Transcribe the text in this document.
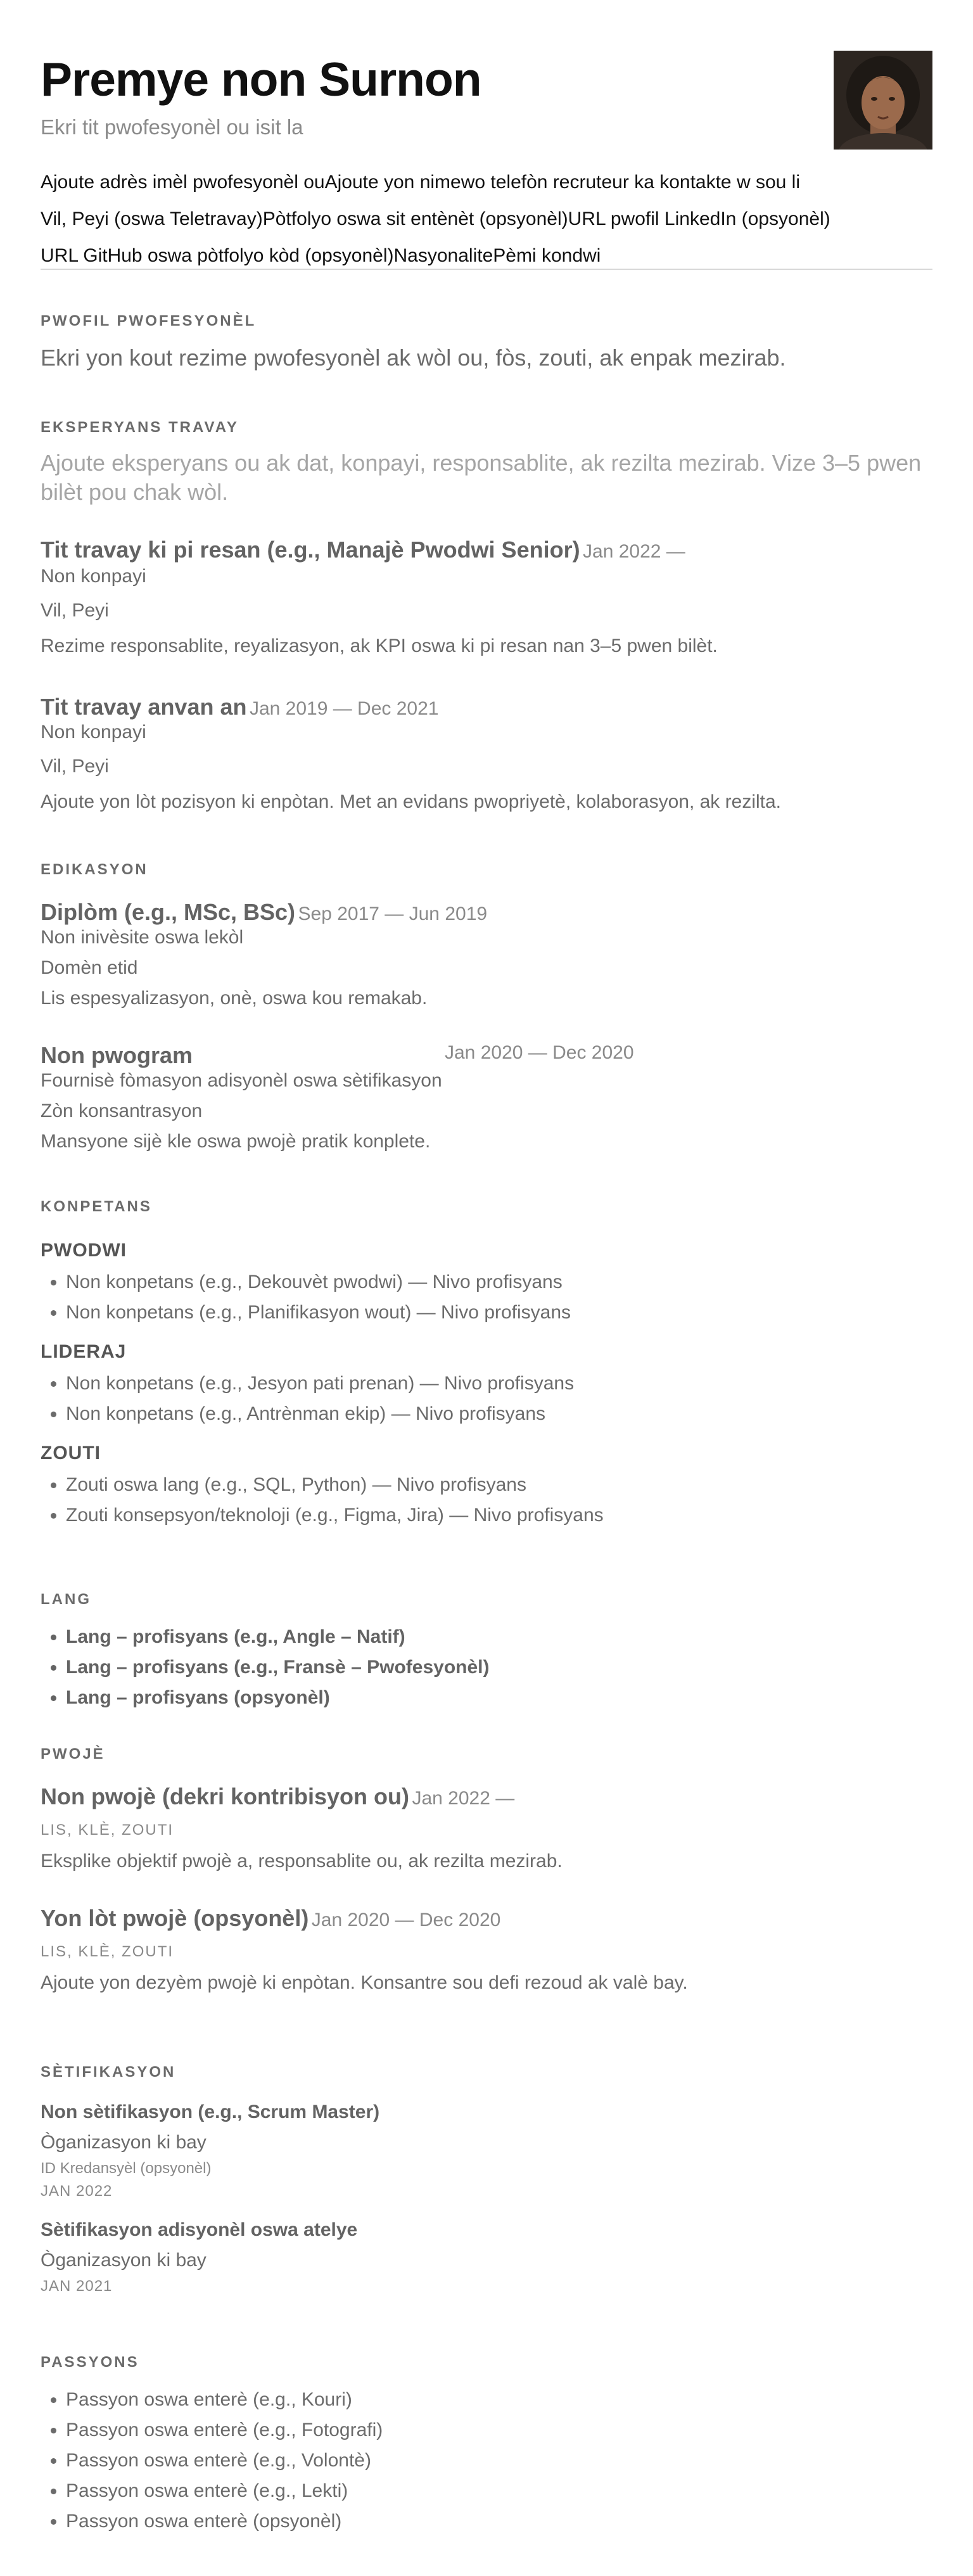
Premye non Surnon

Ekri tit pwofesyonèl ou isit la

Ajoute adrès imèl pwofesyonèl ouAjoute yon nimewo telefòn recruteur ka kontakte w sou li
Vil, Peyi (oswa Teletravay)Pòtfolyo oswa sit entènèt (opsyonèl)URL pwofil LinkedIn (opsyonèl)
URL GitHub oswa pòtfolyo kòd (opsyonèl)NasyonalitePèmi kondwi

PWOFIL PWOFESYONÈL

Ekri yon kout rezime pwofesyonèl ak wòl ou, fòs, zouti, ak enpak mezirab.

EKSPERYANS TRAVAY

Ajoute eksperyans ou ak dat, konpayi, responsablite, ak rezilta mezirab. Vize 3–5 pwen bilèt pou chak wòl.

Tit travay ki pi resan (e.g., Manajè Pwodwi Senior) Jan 2022 —

Non konpayi

Vil, Peyi

Rezime responsablite, reyalizasyon, ak KPI oswa ki pi resan nan 3–5 pwen bilèt.

Tit travay anvan an Jan 2019 — Dec 2021

Non konpayi

Vil, Peyi

Ajoute yon lòt pozisyon ki enpòtan. Met an evidans pwopriyetè, kolaborasyon, ak rezilta.

EDIKASYON

Diplòm (e.g., MSc, BSc) Sep 2017 — Jun 2019

Non inivèsite oswa lekòl

Domèn etid

Lis espesyalizasyon, onè, oswa kou remakab.

Non pwogram	Jan 2020 — Dec 2020

Fournisè fòmasyon adisyonèl oswa sètifikasyon

Zòn konsantrasyon

Mansyone sijè kle oswa pwojè pratik konplete.

KONPETANS

PWODWI

• Non konpetans (e.g., Dekouvèt pwodwi) — Nivo profisyans
• Non konpetans (e.g., Planifikasyon wout) — Nivo profisyans

LIDERAJ

• Non konpetans (e.g., Jesyon pati prenan) — Nivo profisyans
• Non konpetans (e.g., Antrènman ekip) — Nivo profisyans

ZOUTI

• Zouti oswa lang (e.g., SQL, Python) — Nivo profisyans
• Zouti konsepsyon/teknoloji (e.g., Figma, Jira) — Nivo profisyans

LANG

• Lang – profisyans (e.g., Angle – Natif)
• Lang – profisyans (e.g., Fransè – Pwofesyonèl)
• Lang – profisyans (opsyonèl)

PWOJÈ

Non pwojè (dekri kontribisyon ou) Jan 2022 —

LIS, KLÈ, ZOUTI

Eksplike objektif pwojè a, responsablite ou, ak rezilta mezirab.

Yon lòt pwojè (opsyonèl) Jan 2020 — Dec 2020

LIS, KLÈ, ZOUTI

Ajoute yon dezyèm pwojè ki enpòtan. Konsantre sou defi rezoud ak valè bay.

SÈTIFIKASYON

Non sètifikasyon (e.g., Scrum Master)

Òganizasyon ki bay

ID Kredansyèl (opsyonèl)

JAN 2022

Sètifikasyon adisyonèl oswa atelye

Òganizasyon ki bay

JAN 2021

PASSYONS

• Passyon oswa enterè (e.g., Kouri)
• Passyon oswa enterè (e.g., Fotografi)
• Passyon oswa enterè (e.g., Volontè)
• Passyon oswa enterè (e.g., Lekti)
• Passyon oswa enterè (opsyonèl)
